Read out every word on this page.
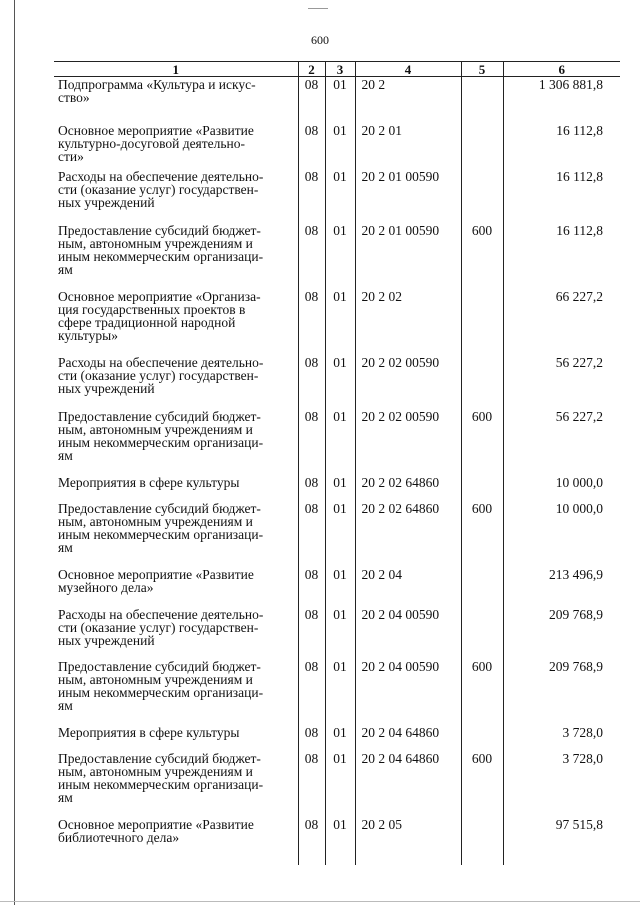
600
1	2	3	4	5	6
Подпрограмма «Культура и искус-
ство»	08	01	20 2		1 306 881,8
Основное мероприятие «Развитие
культурно-досуговой деятельно-
сти»	08	01	20 2 01		16 112,8
Расходы на обеспечение деятельно-
сти (оказание услуг) государствен-
ных учреждений	08	01	20 2 01 00590		16 112,8
Предоставление субсидий бюджет-
ным, автономным учреждениям и
иным некоммерческим организаци-
ям	08	01	20 2 01 00590	600	16 112,8
Основное мероприятие «Организа-
ция государственных проектов в
сфере традиционной народной
культуры»	08	01	20 2 02		66 227,2
Расходы на обеспечение деятельно-
сти (оказание услуг) государствен-
ных учреждений	08	01	20 2 02 00590		56 227,2
Предоставление субсидий бюджет-
ным, автономным учреждениям и
иным некоммерческим организаци-
ям	08	01	20 2 02 00590	600	56 227,2
Мероприятия в сфере культуры	08	01	20 2 02 64860		10 000,0
Предоставление субсидий бюджет-
ным, автономным учреждениям и
иным некоммерческим организаци-
ям	08	01	20 2 02 64860	600	10 000,0
Основное мероприятие «Развитие
музейного дела»	08	01	20 2 04		213 496,9
Расходы на обеспечение деятельно-
сти (оказание услуг) государствен-
ных учреждений	08	01	20 2 04 00590		209 768,9
Предоставление субсидий бюджет-
ным, автономным учреждениям и
иным некоммерческим организаци-
ям	08	01	20 2 04 00590	600	209 768,9
Мероприятия в сфере культуры	08	01	20 2 04 64860		3 728,0
Предоставление субсидий бюджет-
ным, автономным учреждениям и
иным некоммерческим организаци-
ям	08	01	20 2 04 64860	600	3 728,0
Основное мероприятие «Развитие
библиотечного дела»	08	01	20 2 05		97 515,8
